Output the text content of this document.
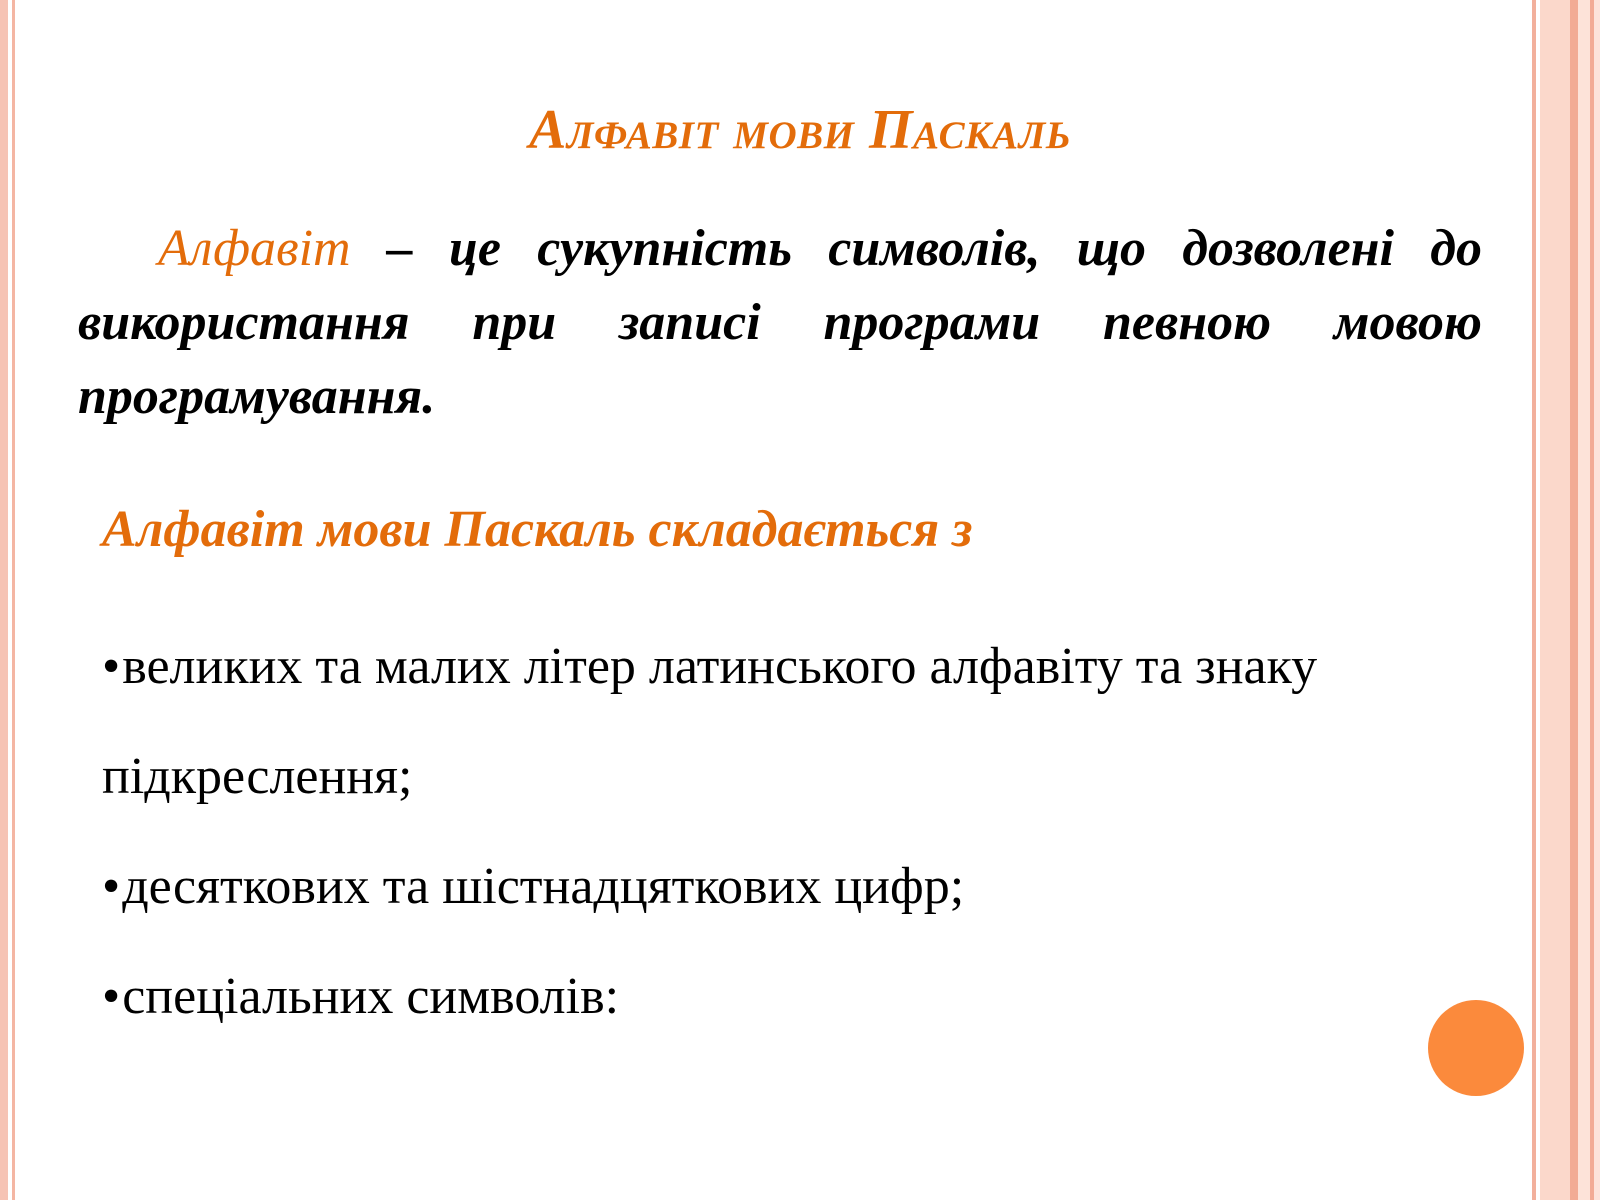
Алфавіт мови Паскаль

Алфавіт – це сукупність символів, що дозволені до використання при записі програми певною мовою програмування.

Алфавіт мови Паскаль складається з

•великих та малих літер латинського алфавіту та знаку підкреслення;
•десяткових та шістнадцяткових цифр;
•спеціальних символів:
